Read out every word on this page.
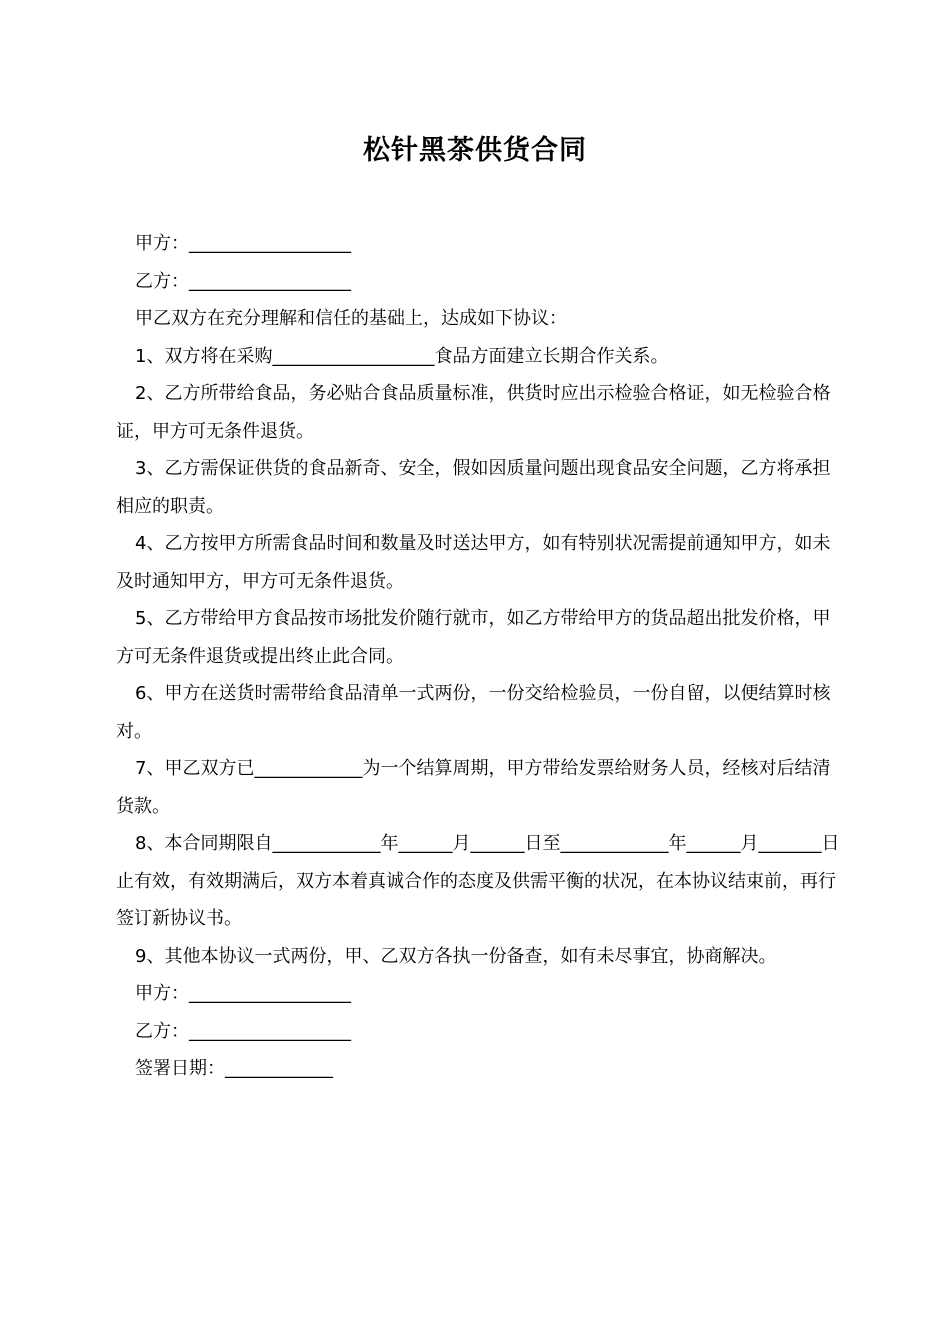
松针黑茶供货合同

甲方：__________________

乙方：__________________

甲乙双方在充分理解和信任的基础上，达成如下协议：

1、双方将在采购__________________食品方面建立长期合作关系。

2、乙方所带给食品，务必贴合食品质量标准，供货时应出示检验合格证，如无检验合格证，甲方可无条件退货。

3、乙方需保证供货的食品新奇、安全，假如因质量问题出现食品安全问题，乙方将承担相应的职责。

4、乙方按甲方所需食品时间和数量及时送达甲方，如有特别状况需提前通知甲方，如未及时通知甲方，甲方可无条件退货。

5、乙方带给甲方食品按市场批发价随行就市，如乙方带给甲方的货品超出批发价格，甲方可无条件退货或提出终止此合同。

6、甲方在送货时需带给食品清单一式两份，一份交给检验员，一份自留，以便结算时核对。

7、甲乙双方已____________为一个结算周期，甲方带给发票给财务人员，经核对后结清货款。

8、本合同期限自____________年______月______日至____________年______月_______日止有效，有效期满后，双方本着真诚合作的态度及供需平衡的状况，在本协议结束前，再行签订新协议书。

9、其他本协议一式两份，甲、乙双方各执一份备查，如有未尽事宜，协商解决。

甲方：__________________

乙方：__________________

签署日期：____________
